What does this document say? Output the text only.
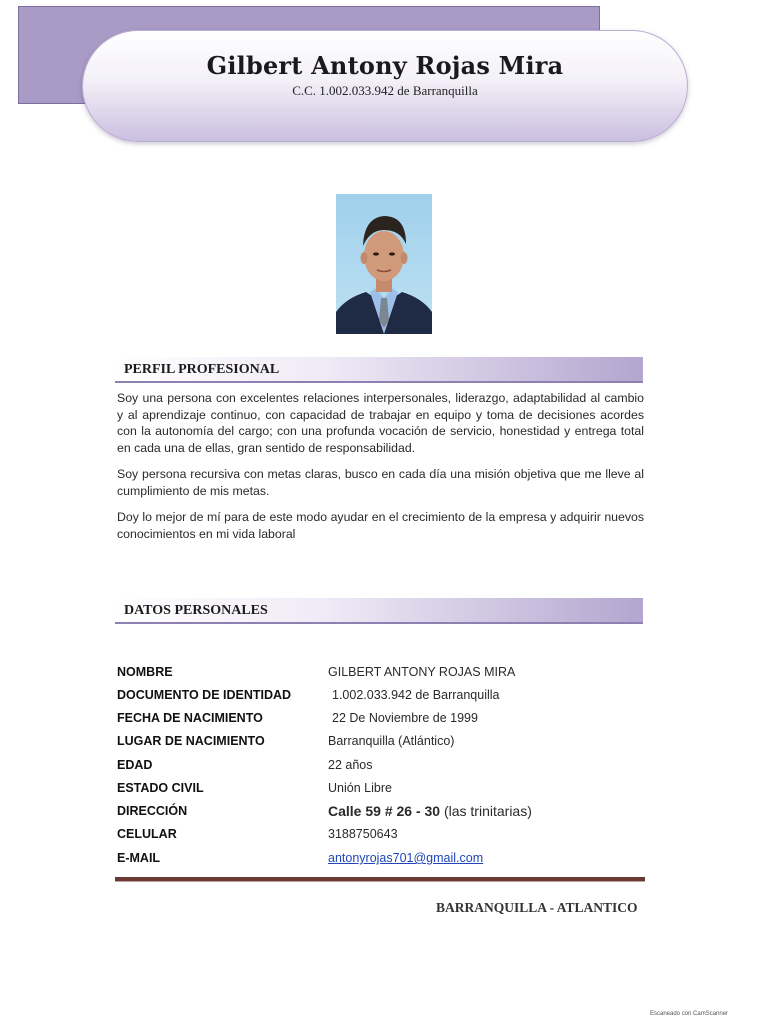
Gilbert Antony Rojas Mira
C.C. 1.002.033.942 de Barranquilla
PERFIL PROFESIONAL

Soy una persona con excelentes relaciones interpersonales, liderazgo, adaptabilidad al cambio y al aprendizaje continuo, con capacidad de trabajar en equipo y toma de decisiones acordes con la autonomía del cargo; con una profunda vocación de servicio, honestidad y entrega total en cada una de ellas, gran sentido de responsabilidad.

Soy persona recursiva con metas claras, busco en cada día una misión objetiva que me lleve al cumplimiento de mis metas.

Doy lo mejor de mí para de este modo ayudar en el crecimiento de la empresa y adquirir nuevos conocimientos en mi vida laboral

DATOS PERSONALES
NOMBRE	GILBERT ANTONY ROJAS MIRA
DOCUMENTO DE IDENTIDAD	1.002.033.942 de Barranquilla
FECHA DE NACIMIENTO	22 De Noviembre de 1999
LUGAR DE NACIMIENTO	Barranquilla (Atlántico)
EDAD	22 años
ESTADO CIVIL	Unión Libre
DIRECCIÓN	Calle 59 # 26 - 30 (las trinitarias)
CELULAR	3188750643
E-MAIL	antonyrojas701@gmail.com
BARRANQUILLA - ATLANTICO
Escaneado con CamScanner
